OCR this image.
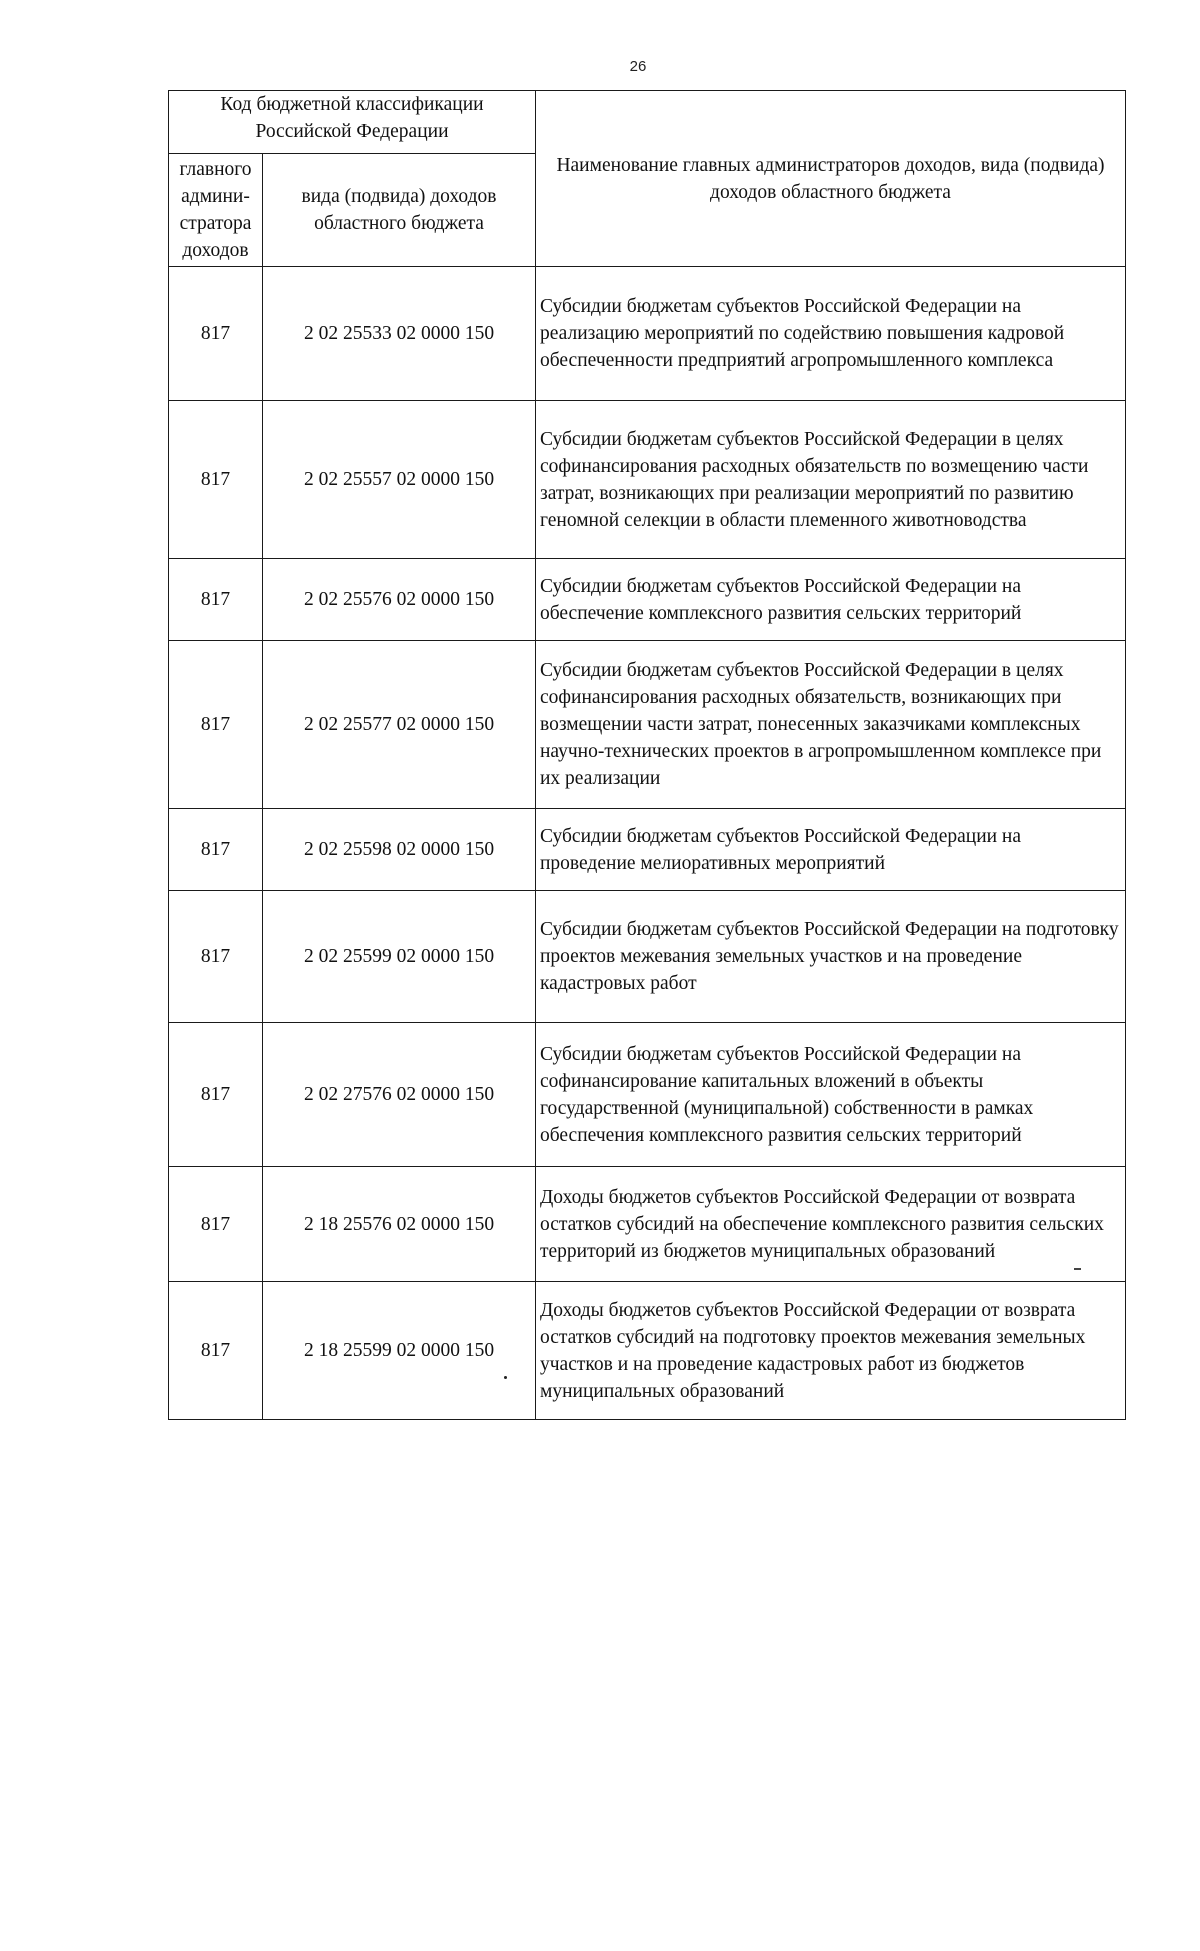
26
Код бюджетной классификации Российской Федерации		Наименование главных администраторов доходов, вида (подвида) доходов областного бюджета
главного админи- стратора доходов	вида (подвида) доходов областного бюджета	
817	2 02 25533 02 0000 150	Субсидии бюджетам субъектов Российской Федерации на реализацию мероприятий по содействию повышения кадровой обеспеченности предприятий агропромышленного комплекса
817	2 02 25557 02 0000 150	Субсидии бюджетам субъектов Российской Федерации в целях софинансирования расходных обязательств по возмещению части затрат, возникающих при реализации мероприятий по развитию геномной селекции в области племенного животноводства
817	2 02 25576 02 0000 150	Субсидии бюджетам субъектов Российской Федерации на обеспечение комплексного развития сельских территорий
817	2 02 25577 02 0000 150	Субсидии бюджетам субъектов Российской Федерации в целях софинансирования расходных обязательств, возникающих при возмещении части затрат, понесенных заказчиками комплексных научно-технических проектов в агропромышленном комплексе при их реализации
817	2 02 25598 02 0000 150	Субсидии бюджетам субъектов Российской Федерации на проведение мелиоративных мероприятий
817	2 02 25599 02 0000 150	Субсидии бюджетам субъектов Российской Федерации на подготовку проектов межевания земельных участков и на проведение кадастровых работ
817	2 02 27576 02 0000 150	Субсидии бюджетам субъектов Российской Федерации на софинансирование капитальных вложений в объекты государственной (муниципальной) собственности в рамках обеспечения комплексного развития сельских территорий
817	2 18 25576 02 0000 150	Доходы бюджетов субъектов Российской Федерации от возврата остатков субсидий на обеспечение комплексного развития сельских территорий из бюджетов муниципальных образований
817	2 18 25599 02 0000 150	Доходы бюджетов субъектов Российской Федерации от возврата остатков субсидий на подготовку проектов межевания земельных участков и на проведение кадастровых работ из бюджетов муниципальных образований
